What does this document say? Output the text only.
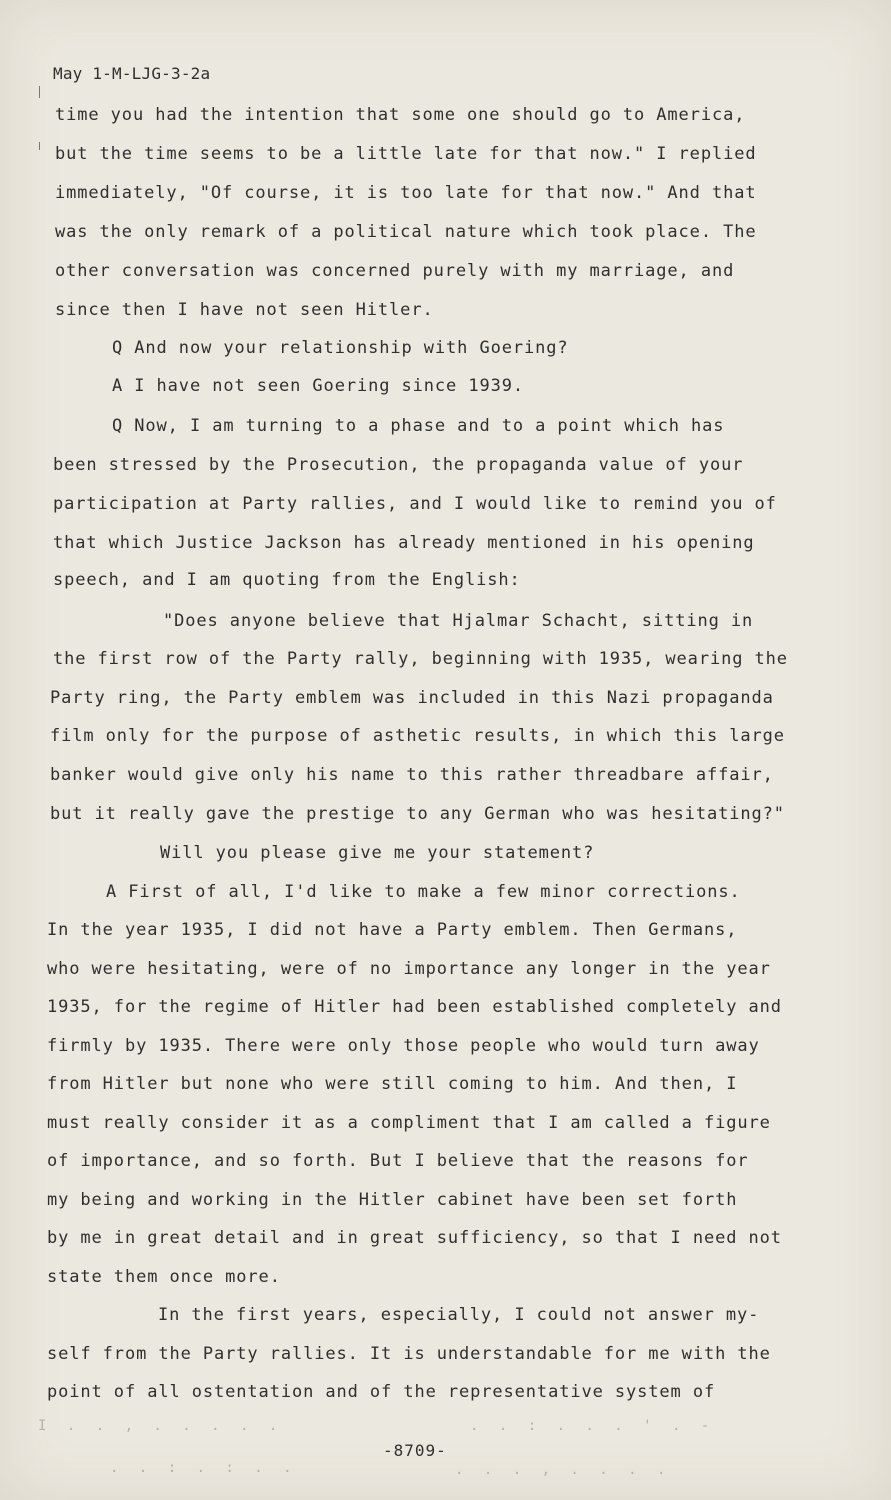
May 1-M-LJG-3-2a
time you had the intention that some one should go to America,
but the time seems to be a little late for that now." I replied
immediately, "Of course, it is too late for that now." And that
was the only remark of a political nature which took place. The
other conversation was concerned purely with my marriage, and
since then I have not seen Hitler.
Q And now your relationship with Goering?
A I have not seen Goering since 1939.
Q Now, I am turning to a phase and to a point which has
been stressed by the Prosecution, the propaganda value of your
participation at Party rallies, and I would like to remind you of
that which Justice Jackson has already mentioned in his opening
speech, and I am quoting from the English:
"Does anyone believe that Hjalmar Schacht, sitting in
the first row of the Party rally, beginning with 1935, wearing the
Party ring, the Party emblem was included in this Nazi propaganda
film only for the purpose of asthetic results, in which this large
banker would give only his name to this rather threadbare affair,
but it really gave the prestige to any German who was hesitating?"
Will you please give me your statement?
A First of all, I'd like to make a few minor corrections.
In the year 1935, I did not have a Party emblem. Then Germans,
who were hesitating, were of no importance any longer in the year
1935, for the regime of Hitler had been established completely and
firmly by 1935. There were only those people who would turn away
from Hitler but none who were still coming to him. And then, I
must really consider it as a compliment that I am called a figure
of importance, and so forth. But I believe that the reasons for
my being and working in the Hitler cabinet have been set forth
by me in great detail and in great sufficiency, so that I need not
state them once more.
In the first years, especially, I could not answer my-
self from the Party rallies. It is understandable for me with the
point of all ostentation and of the representative system of
I . . , . . . . .	. . : . . . ' . -
. . : . : . .	. . . , . . . .
-8709-
